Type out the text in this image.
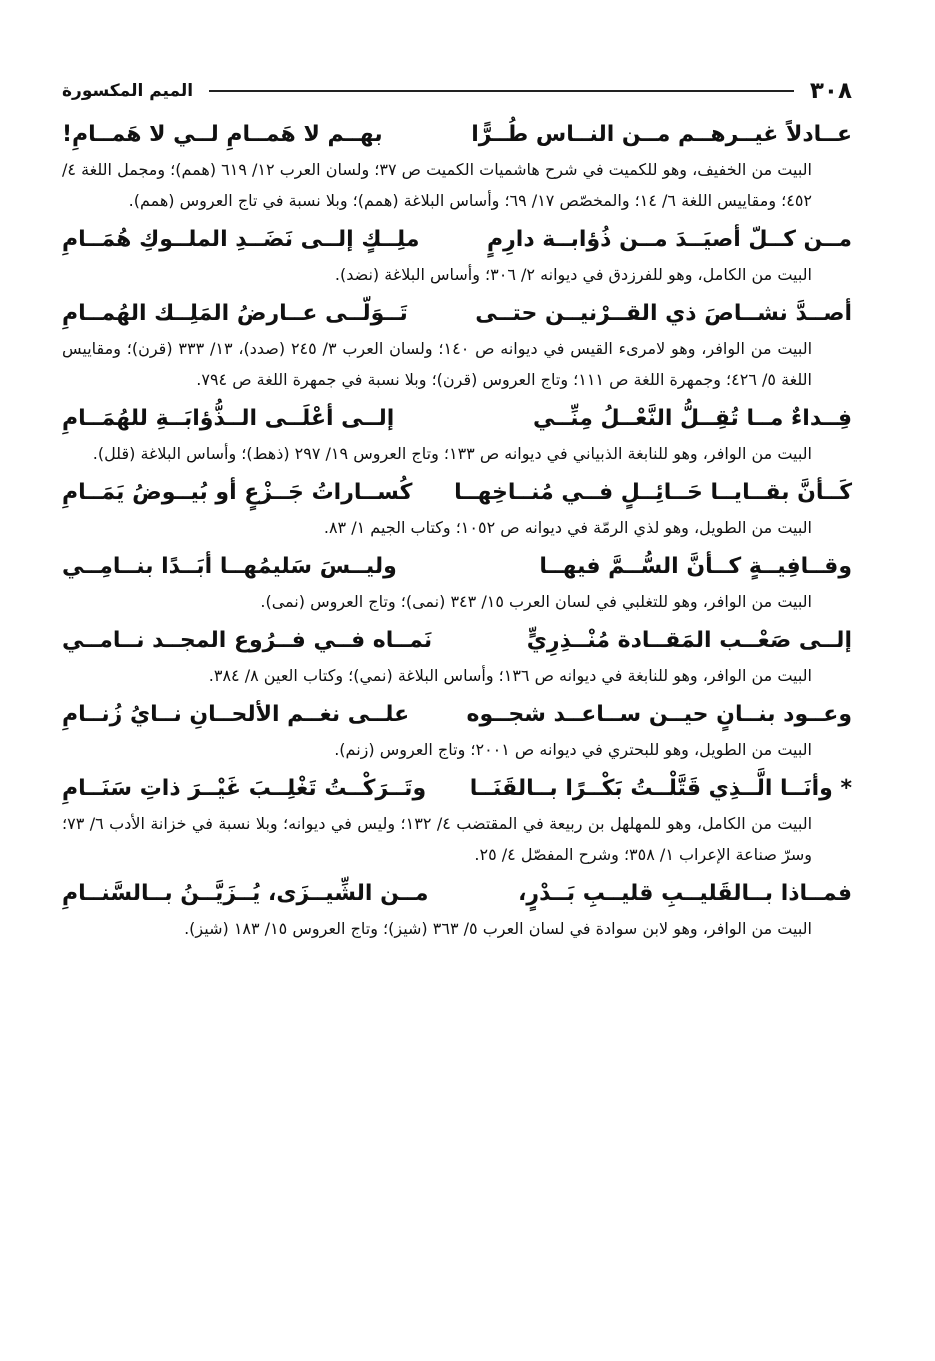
٣٠٨
الميم المكسورة
عــادلاً غيــرهــم مــن النــاس طُــرًّا
بهــم لا هَمــامِ لــي لا هَمــامِ!
البيت من الخفيف، وهو للكميت في شرح هاشميات الكميت ص ٣٧؛ ولسان العرب ١٢/ ٦١٩ (همم)؛ ومجمل اللغة ٤/ ٤٥٢؛ ومقاييس اللغة ٦/ ١٤؛ والمخصّص ١٧/ ٦٩؛ وأساس البلاغة (همم)؛ وبلا نسبة في تاج العروس (همم).
مــن كــلّ أصيَــدَ مــن ذُؤابــة دارِمٍ
ملِــكٍ إلــى نَضَــدِ الملــوكِ هُمَــامِ
البيت من الكامل، وهو للفرزدق في ديوانه ٢/ ٣٠٦؛ وأساس البلاغة (نضد).
أصــدَّ نشــاصَ ذي القــرْنيــن حتــى
تَــوَلّــى عــارضُ المَلِــك الهُمــامِ
البيت من الوافر، وهو لامرىء القيس في ديوانه ص ١٤٠؛ ولسان العرب ٣/ ٢٤٥ (صدد)، ١٣/ ٣٣٣ (قرن)؛ ومقاييس اللغة ٥/ ٤٢٦؛ وجمهرة اللغة ص ١١١؛ وتاج العروس (قرن)؛ وبلا نسبة في جمهرة اللغة ص ٧٩٤.
فِــداءٌ مــا تُقِــلُّ النَّعْــلُ مِنِّــي
إلــى أعْلَــى الــذُّؤابَــةِ للهُمَــامِ
البيت من الوافر، وهو للنابغة الذبياني في ديوانه ص ١٣٣؛ وتاج العروس ١٩/ ٢٩٧ (ذهط)؛ وأساس البلاغة (قلل).
كَــأنَّ بقــايــا حَــائِــلٍ فــي مُنــاخِهــا
كُســاراتُ جَــزْعٍ أو بُيــوضُ يَمَــامِ
البيت من الطويل، وهو لذي الرمّة في ديوانه ص ١٠٥٢؛ وكتاب الجيم ١/ ٨٣.
وقــافِيــةٍ كــأنَّ السُّــمَّ فيهــا
وليــسَ سَليمُهــا أبَــدًا بنــامِــي
البيت من الوافر، وهو للتغلبي في لسان العرب ١٥/ ٣٤٣ (نمى)؛ وتاج العروس (نمى).
إلــى صَعْــب المَقــادة مُنْــذِرِيٍّ
نَمــاه فــي فــرُوع المجــد نــامــي
البيت من الوافر، وهو للنابغة في ديوانه ص ١٣٦؛ وأساس البلاغة (نمي)؛ وكتاب العين ٨/ ٣٨٤.
وعــود بنــانٍ حيــن ســاعــد شجــوه
علــى نغــم الألحــانِ نــايُ زُنــامِ
البيت من الطويل، وهو للبحتري في ديوانه ص ٢٠٠١؛ وتاج العروس (زنم).
* وأنَــا الَّــذِي قَتَّلْــتُ بَكْــرًا بــالقَنَــا
وتَــرَكْــتُ تَغْلِــبَ غَيْــرَ ذاتِ سَنَــامِ
البيت من الكامل، وهو للمهلهل بن ربيعة في المقتضب ٤/ ١٣٢؛ وليس في ديوانه؛ وبلا نسبة في خزانة الأدب ٦/ ٧٣؛ وسرّ صناعة الإعراب ١/ ٣٥٨؛ وشرح المفصّل ٤/ ٢٥.
فمــاذا بــالقَليــبِ قليــبِ بَــدْرٍ،
مــن الشِّيــزَى، يُــزَيَّــنُ بــالسَّنــامِ
البيت من الوافر، وهو لابن سوادة في لسان العرب ٥/ ٣٦٣ (شيز)؛ وتاج العروس ١٥/ ١٨٣ (شيز).
